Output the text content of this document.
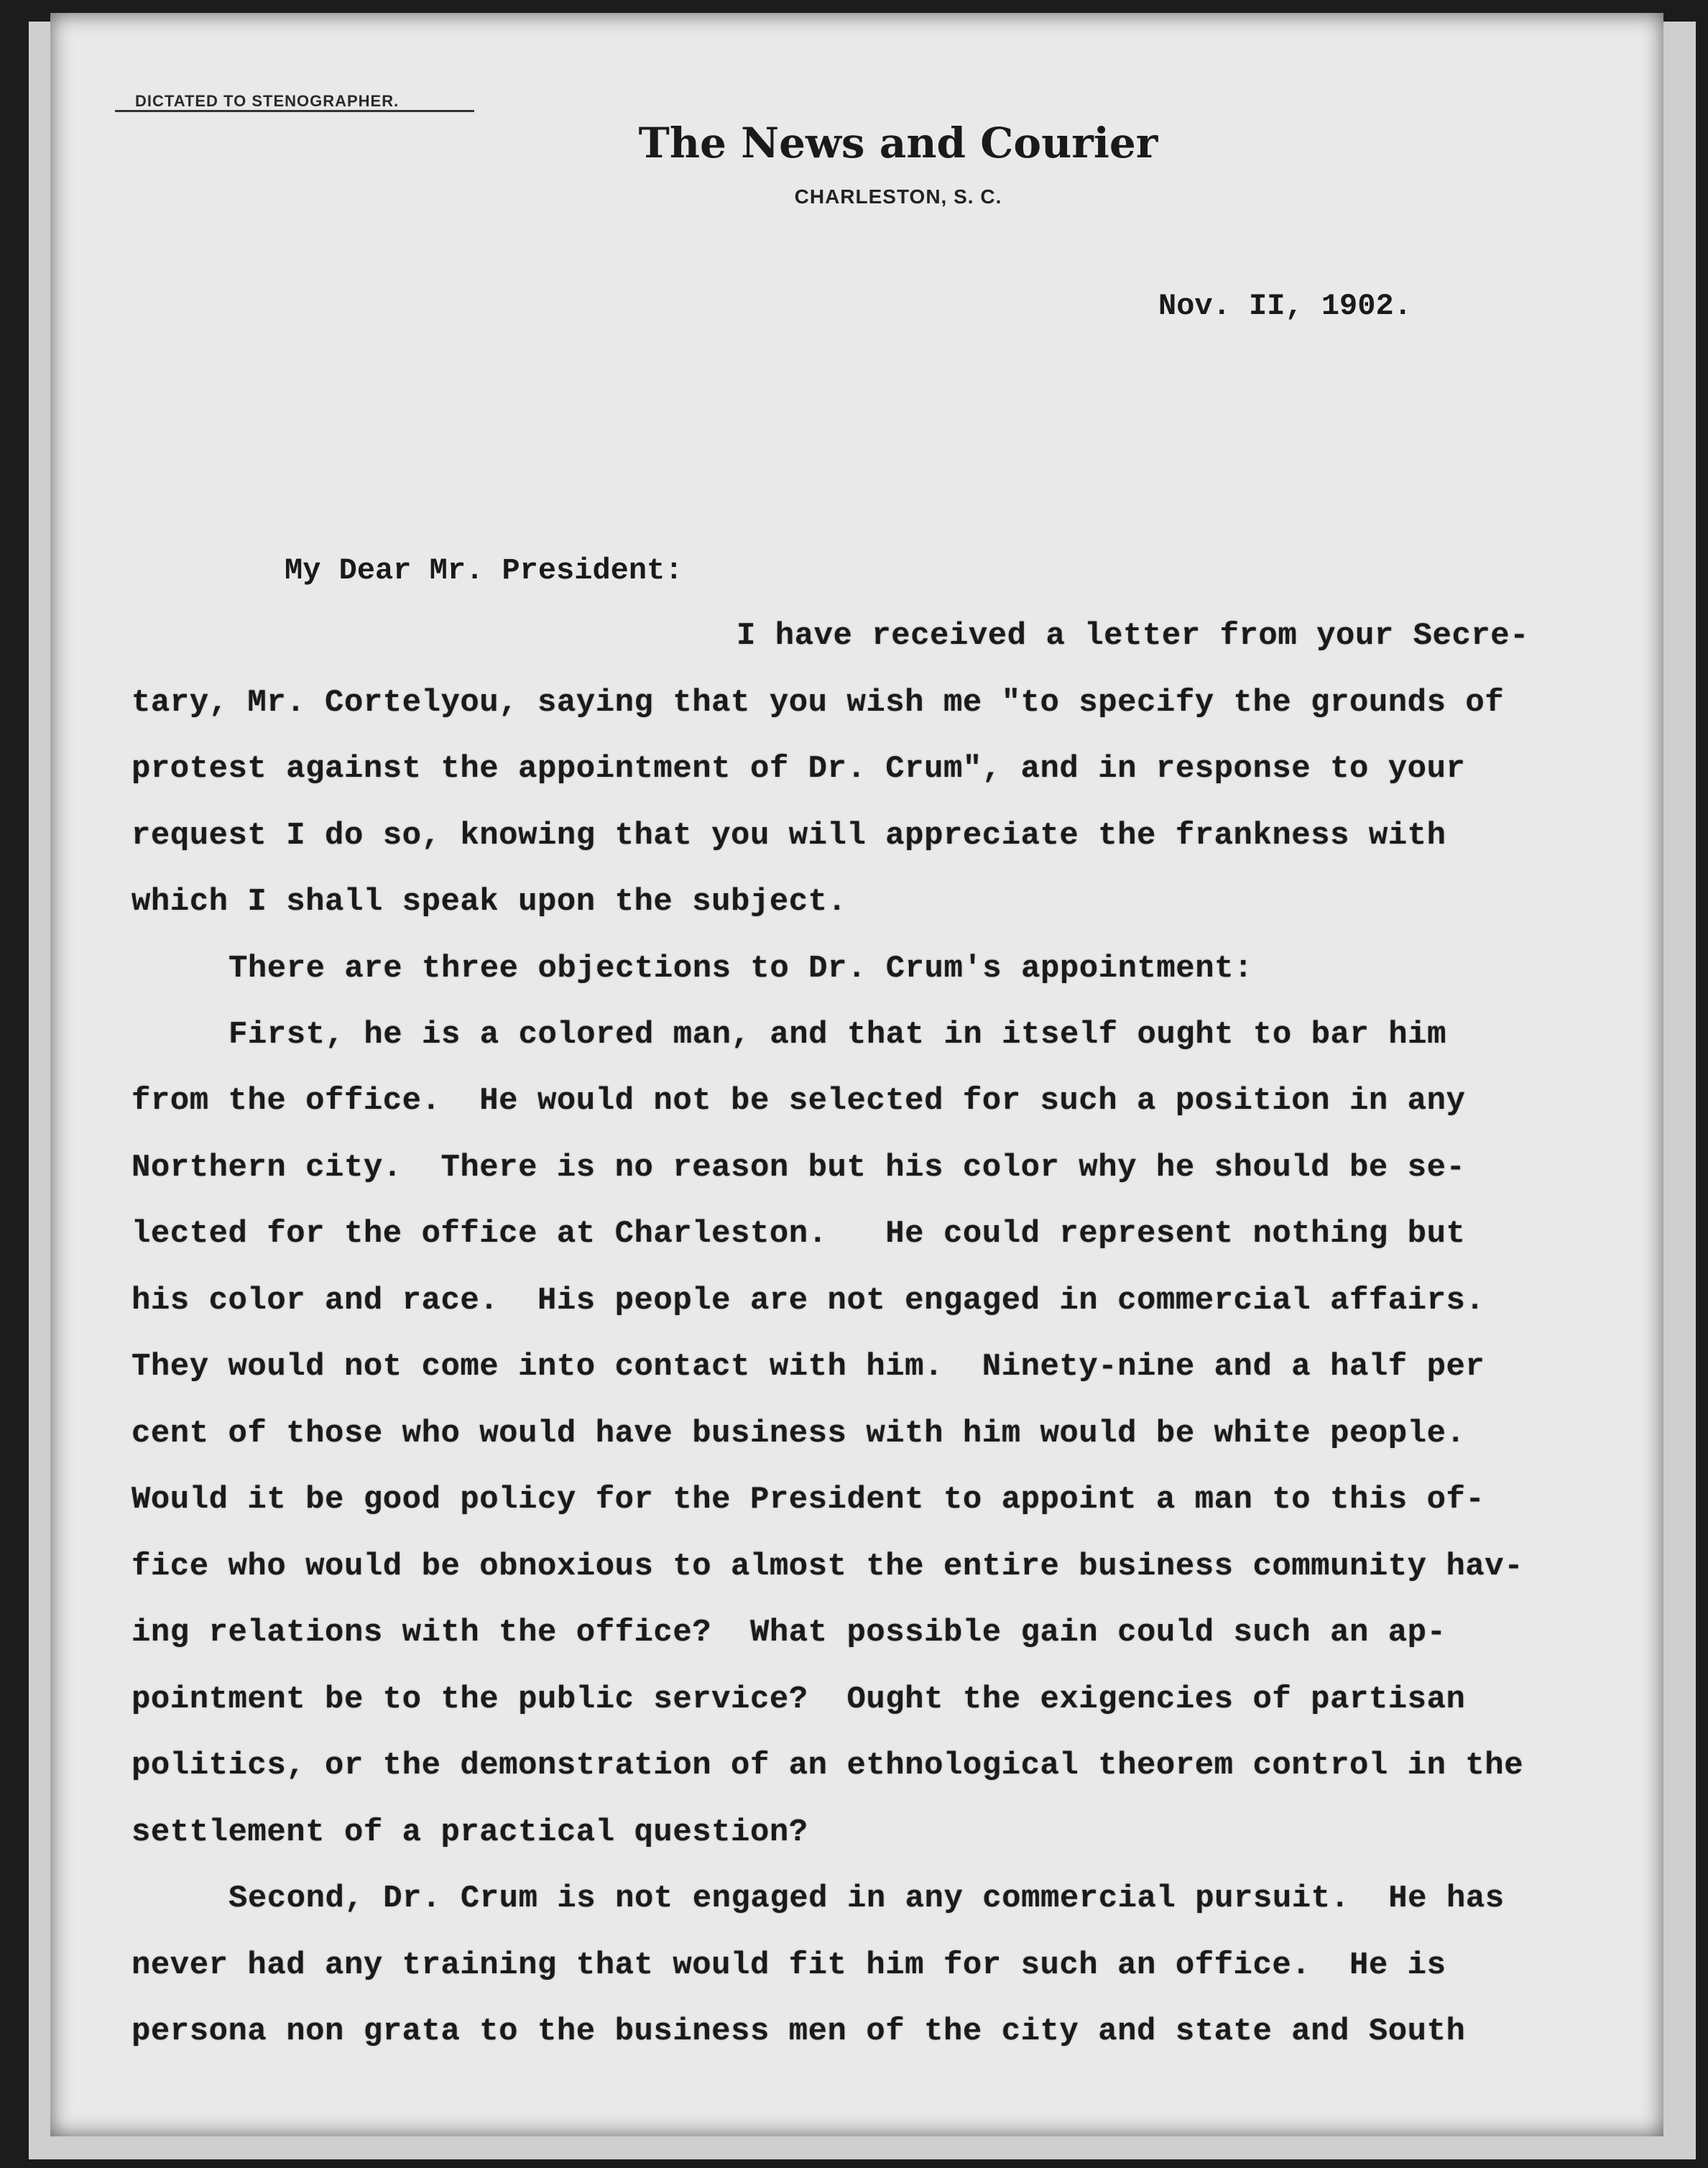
DICTATED TO STENOGRAPHER.
The News and Courier
CHARLESTON, S. C.
Nov. II, 1902.
My Dear Mr. President:
I have received a letter from your Secre-
tary, Mr. Cortelyou, saying that you wish me "to specify the grounds of
protest against the appointment of Dr. Crum", and in response to your
request I do so, knowing that you will appreciate the frankness with
which I shall speak upon the subject.
There are three objections to Dr. Crum's appointment:
First, he is a colored man, and that in itself ought to bar him
from the office.  He would not be selected for such a position in any
Northern city.  There is no reason but his color why he should be se-
lected for the office at Charleston.   He could represent nothing but
his color and race.  His people are not engaged in commercial affairs.
They would not come into contact with him.  Ninety-nine and a half per
cent of those who would have business with him would be white people.
Would it be good policy for the President to appoint a man to this of-
fice who would be obnoxious to almost the entire business community hav-
ing relations with the office?  What possible gain could such an ap-
pointment be to the public service?  Ought the exigencies of partisan
politics, or the demonstration of an ethnological theorem control in the
settlement of a practical question?
Second, Dr. Crum is not engaged in any commercial pursuit.  He has
never had any training that would fit him for such an office.  He is
persona non grata to the business men of the city and state and South
